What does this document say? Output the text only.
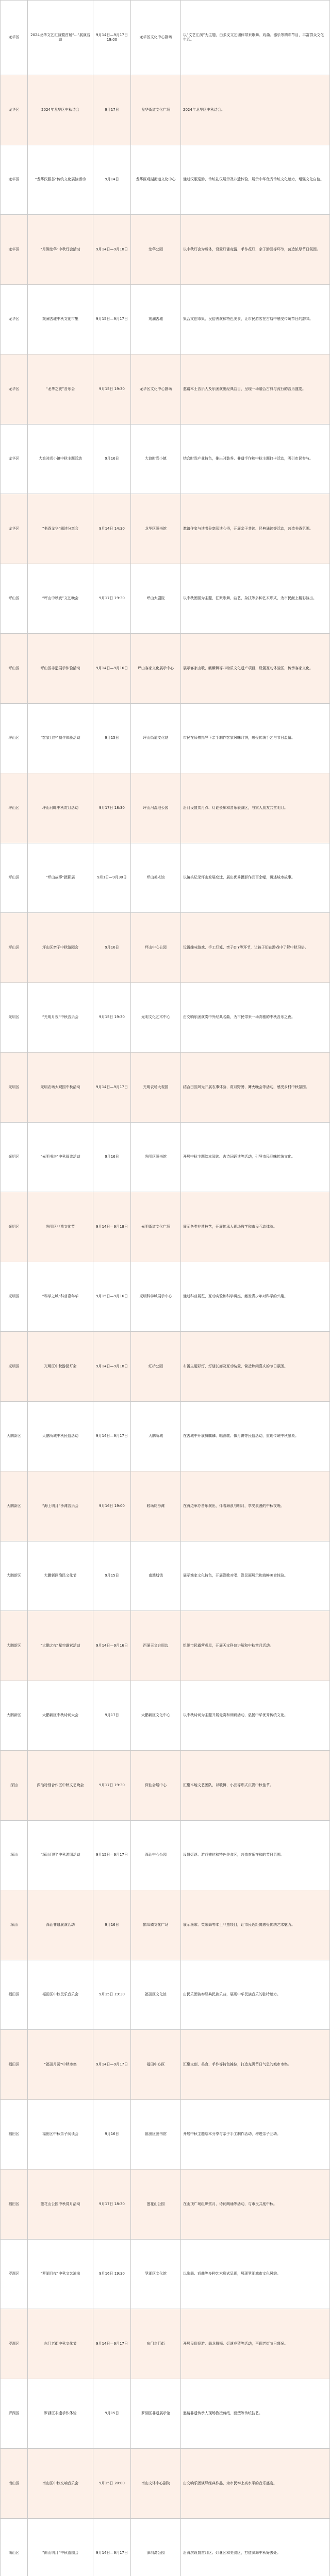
龙华区	2024龙华文艺汇演暨首届“...”展演活动	9月14日—9月17日 19:00	龙华区文化中心剧场	以“文艺汇演”为主题，由多支文艺团体带来歌舞、戏曲、器乐等精彩节目，丰富群众文化生活。
龙华区	2024年龙华区中秋诗会	9月17日	龙华街道文化广场	2024年龙华区中秋诗会。
龙华区	“龙华汉服荟”传统文化展演活动	9月14日	龙华区观湖街道文化中心	通过汉服巡游、传统礼仪展示及非遗体验，展示中华优秀传统文化魅力，增强文化自信。
龙华区	“月满龙华”中秋灯会活动	9月14日—9月18日	龙华公园	以中秋灯会为载体，设置灯谜竞猜、手作花灯、亲子游园等环节，营造浓厚节日氛围。
龙华区	观澜古墟中秋文化市集	9月15日—9月17日	观澜古墟	集合文创市集、民俗表演和特色美食，让市民游客在古墟中感受传统节日的韵味。
龙华区	“龙华之夜”音乐会	9月15日 19:30	龙华区文化中心剧场	邀请本土音乐人及乐团演出经典曲目，呈现一场融合古典与流行的音乐盛宴。
龙华区	大浪时尚小镇中秋主题活动	9月16日	大浪时尚小镇	结合时尚产业特色，推出时装秀、非遗手作和中秋主题打卡活动，吸引市民参与。
龙华区	“书香龙华”阅读分享会	9月14日 14:30	龙华区图书馆	邀请作家与读者分享阅读心得，开展亲子共读、经典诵读等活动，营造书香氛围。
坪山区	“坪山中秋夜”文艺晚会	9月17日 19:30	坪山大剧院	以中秋团圆为主题，汇聚歌舞、曲艺、杂技等多种艺术形式，为市民献上精彩演出。
坪山区	坪山区非遗展示体验活动	9月14日—9月16日	坪山客家文化展示中心	展示客家山歌、麒麟舞等非物质文化遗产项目，设置互动体验区，传承客家文化。
坪山区	“客家月饼”制作体验活动	9月15日	坪山街道文化站	市民在师傅指导下亲手制作客家风味月饼，感受传统手艺与节日温情。
坪山区	坪山河畔中秋赏月活动	9月17日 18:30	坪山河湿地公园	沿河设置赏月点、灯谜长廊和音乐表演区，与家人朋友共赏明月。
坪山区	“坪山故事”摄影展	9月1日—9月30日	坪山美术馆	以镜头记录坪山发展变迁，展出优秀摄影作品百余幅，讲述城市故事。
坪山区	坪山区亲子中秋游园会	9月16日	坪山中心公园	设置趣味游戏、手工灯笼、亲子DIY等环节，让孩子们在游戏中了解中秋习俗。
光明区	“光明月夜”中秋音乐会	9月15日 19:30	光明文化艺术中心	由交响乐团演奏中外经典名曲，为市民带来一场高雅的中秋音乐之夜。
光明区	光明农场大观园中秋活动	9月14日—9月17日	光明农场大观园	结合田园风光开展农事体验、赏月野餐、篝火晚会等活动，感受乡村中秋氛围。
光明区	“光明书房”中秋阅读活动	9月16日	光明区图书馆	开展中秋主题绘本阅读、古诗词诵读等活动，引导市民品味传统文化。
光明区	光明区非遗文化节	9月14日—9月18日	光明街道文化广场	展示各类非遗技艺，开展传承人现场教学和市民互动体验。
光明区	“科学之城”科普嘉年华	9月15日—9月16日	光明科学城展示中心	通过科普展览、互动实验和科学讲座，激发青少年对科学的兴趣。
光明区	光明区中秋游园灯会	9月14日—9月18日	虹桥公园	布置主题彩灯、灯谜长廊及互动装置，营造热闹喜庆的节日氛围。
大鹏新区	大鹏所城中秋民俗活动	9月14日—9月17日	大鹏所城	在古城中开展舞麒麟、唱渔歌、做月饼等民俗活动，重现传统中秋景象。
大鹏新区	“海上明月”沙滩音乐会	9月16日 19:00	较场尾沙滩	在海边举办音乐演出，伴着海浪与明月，享受浪漫的中秋夜晚。
大鹏新区	大鹏新区渔民文化节	9月15日	南澳墟镇	展示渔家文化特色，开展渔歌对唱、渔民画展示和海鲜美食体验。
大鹏新区	“大鹏之夜”星空露营活动	9月14日—9月16日	西涌天文台周边	组织市民露营观星，开展天文科普讲解和中秋赏月活动。
大鹏新区	大鹏新区中秋诗词大会	9月17日	大鹏新区文化中心	以中秋诗词为主题开展竞赛和朗诵活动，弘扬中华优秀传统文化。
深汕	深汕特别合作区中秋文艺晚会	9月17日 19:30	深汕会展中心	汇聚本地文艺团队，以歌舞、小品等形式庆祝中秋佳节。
深汕	“深汕月明”中秋游园活动	9月15日—9月17日	深汕中心公园	设置灯谜、游戏摊位和特色美食区，营造欢乐祥和的节日氛围。
深汕	深汕非遗展演活动	9月16日	鹅埠镇文化广场	展示渔歌、英歌舞等本土非遗项目，让市民近距离感受传统艺术魅力。
福田区	福田区中秋民乐音乐会	9月15日 19:30	福田区文化馆	由民乐团演奏经典民族乐曲，展现中华民族音乐的独特魅力。
福田区	“福田月圆”中秋市集	9月14日—9月17日	福田中心区	汇聚文创、美食、手作等特色摊位，打造充满节日气息的城市市集。
福田区	福田区中秋亲子阅读会	9月16日	福田区图书馆	开展中秋主题绘本分享与亲子手工制作活动，增进亲子互动。
福田区	莲花山公园中秋赏月活动	9月17日 18:30	莲花山公园	在山顶广场组织赏月、诗词朗诵等活动，与市民共度中秋。
罗湖区	“罗湖月夜”中秋文艺演出	9月16日 19:30	罗湖区文化馆	以歌舞、戏曲等多种艺术形式呈现，展现罗湖城市文化风貌。
罗湖区	东门老街中秋文化节	9月14日—9月17日	东门步行街	开展民俗巡游、舞龙舞狮、灯谜竞猜等活动，再现老街节日盛况。
罗湖区	罗湖区非遗手作体验	9月15日	罗湖区非遗展示馆	邀请非遗传承人现场教授剪纸、面塑等传统技艺。
南山区	南山区中秋交响音乐会	9月15日 20:00	南山文体中心剧院	由交响乐团演绎经典作品，为市民奉上高水平的音乐盛宴。
南山区	“南山明月”中秋游园会	9月14日—9月17日	深圳湾公园	沿海滨设置赏月区、灯谜区和美食区，打造滨海中秋好去处。
